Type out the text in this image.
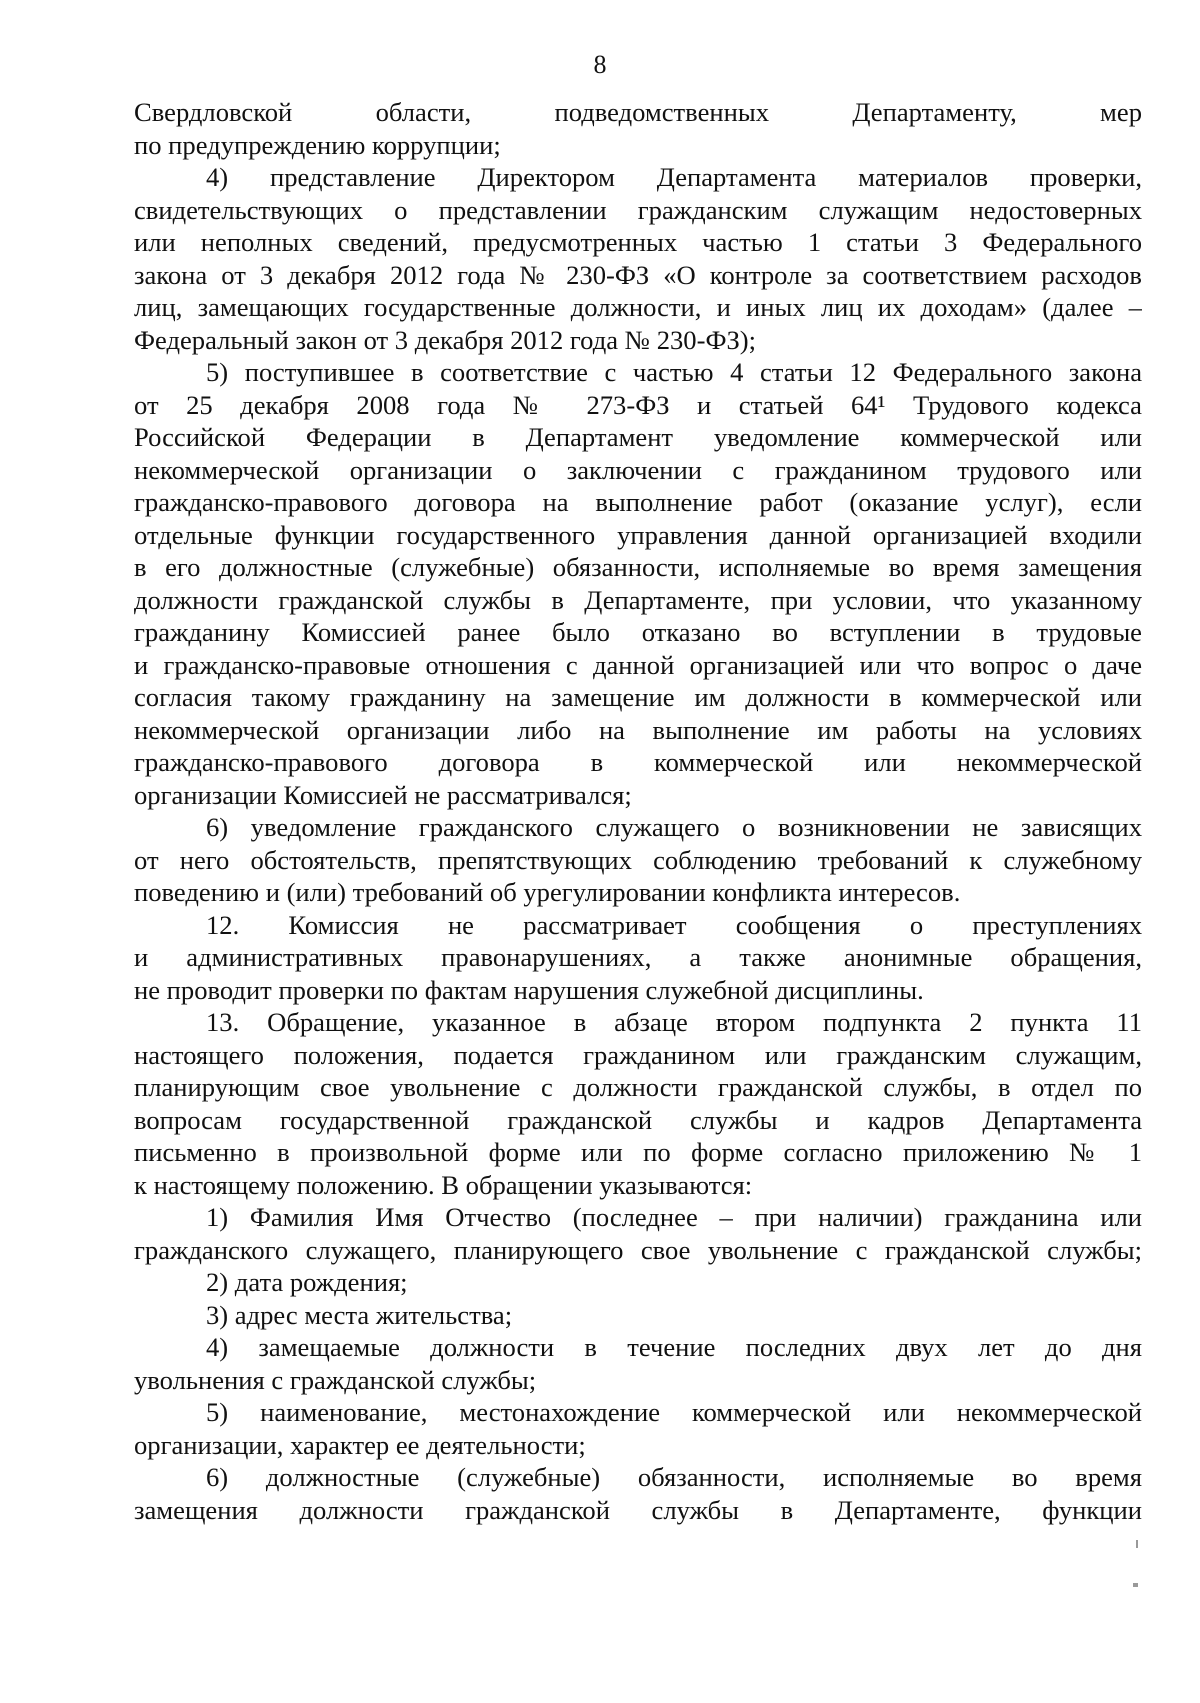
8
Свердловской области, подведомственных Департаменту, мер
по предупреждению коррупции;
4) представление Директором Департамента материалов проверки,
свидетельствующих о представлении гражданским служащим недостоверных
или неполных сведений, предусмотренных частью 1 статьи 3 Федерального
закона от 3 декабря 2012 года № 230-ФЗ «О контроле за соответствием расходов
лиц, замещающих государственные должности, и иных лиц их доходам» (далее –
Федеральный закон от 3 декабря 2012 года № 230-ФЗ);
5) поступившее в соответствие с частью 4 статьи 12 Федерального закона
от 25 декабря 2008 года № 273-ФЗ и статьей 64¹ Трудового кодекса
Российской Федерации в Департамент уведомление коммерческой или
некоммерческой организации о заключении с гражданином трудового или
гражданско-правового договора на выполнение работ (оказание услуг), если
отдельные функции государственного управления данной организацией входили
в его должностные (служебные) обязанности, исполняемые во время замещения
должности гражданской службы в Департаменте, при условии, что указанному
гражданину Комиссией ранее было отказано во вступлении в трудовые
и гражданско-правовые отношения с данной организацией или что вопрос о даче
согласия такому гражданину на замещение им должности в коммерческой или
некоммерческой организации либо на выполнение им работы на условиях
гражданско-правового договора в коммерческой или некоммерческой
организации Комиссией не рассматривался;
6) уведомление гражданского служащего о возникновении не зависящих
от него обстоятельств, препятствующих соблюдению требований к служебному
поведению и (или) требований об урегулировании конфликта интересов.
12. Комиссия не рассматривает сообщения о преступлениях
и административных правонарушениях, а также анонимные обращения,
не проводит проверки по фактам нарушения служебной дисциплины.
13. Обращение, указанное в абзаце втором подпункта 2 пункта 11
настоящего положения, подается гражданином или гражданским служащим,
планирующим свое увольнение с должности гражданской службы, в отдел по
вопросам государственной гражданской службы и кадров Департамента
письменно в произвольной форме или по форме согласно приложению № 1
к настоящему положению. В обращении указываются:
1) Фамилия Имя Отчество (последнее – при наличии) гражданина или
гражданского служащего, планирующего свое увольнение с гражданской службы;
2) дата рождения;
3) адрес места жительства;
4) замещаемые должности в течение последних двух лет до дня
увольнения с гражданской службы;
5) наименование, местонахождение коммерческой или некоммерческой
организации, характер ее деятельности;
6) должностные (служебные) обязанности, исполняемые во время
замещения должности гражданской службы в Департаменте, функции
